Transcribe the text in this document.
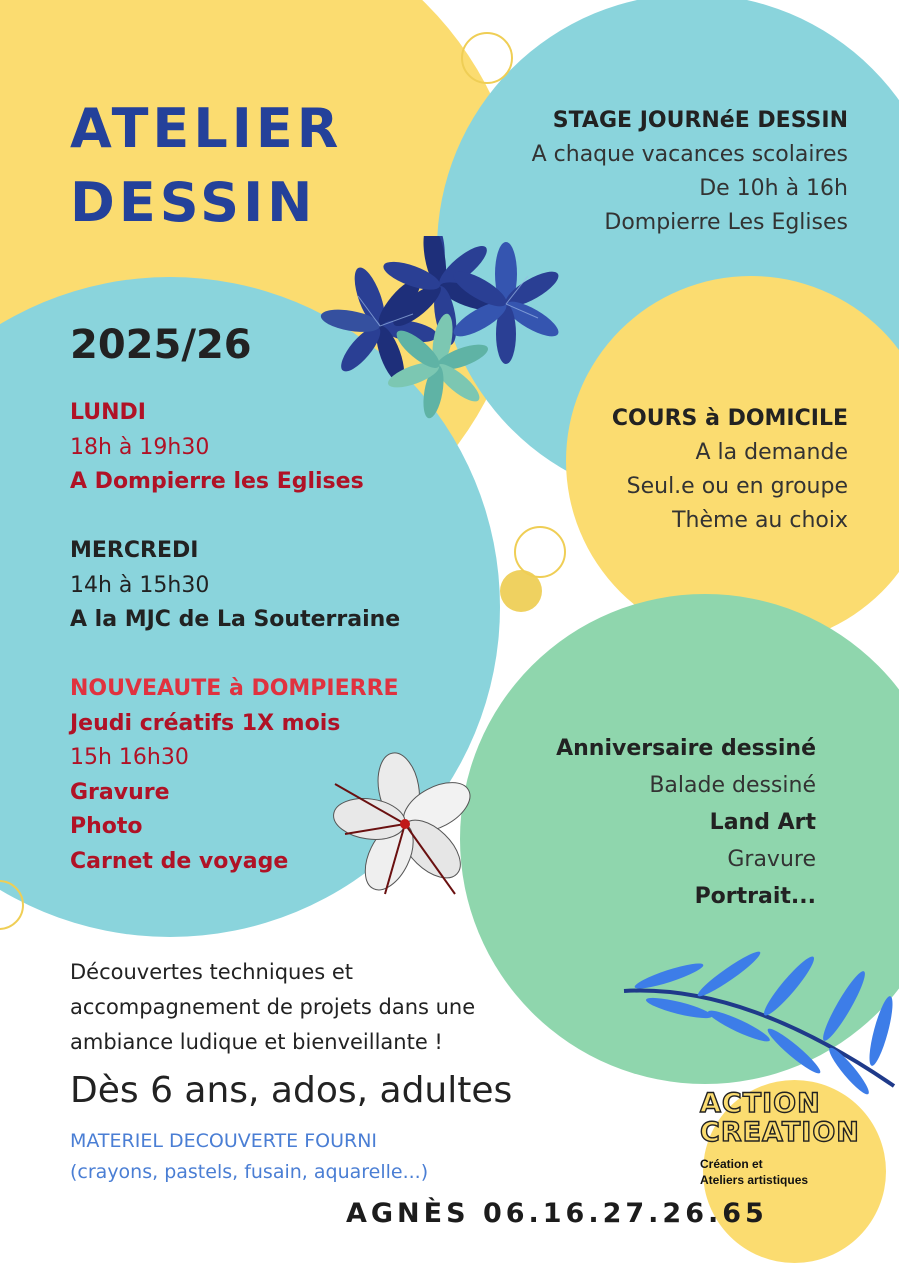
ATELIER
DESSIN
2025/26
LUNDI
18h à 19h30
A Dompierre les Eglises
MERCREDI
14h à 15h30
A la MJC de La Souterraine
NOUVEAUTE à DOMPIERRE
Jeudi créatifs 1X mois
15h 16h30
Gravure
Photo
Carnet de voyage
STAGE JOURNéE DESSIN
A chaque vacances scolaires
De 10h à 16h
Dompierre Les Eglises
COURS à DOMICILE
A la demande
Seul.e ou en groupe
Thème au choix
Anniversaire dessiné
Balade dessiné
Land Art
Gravure
Portrait...
Découvertes techniques et
accompagnement de projets dans une
ambiance ludique et bienveillante !
Dès 6 ans, ados, adultes
MATERIEL DECOUVERTE FOURNI
(crayons, pastels, fusain, aquarelle...)
AGNÈS 06.16.27.26.65
ACTION
CREATION
Création et
Ateliers artistiques
